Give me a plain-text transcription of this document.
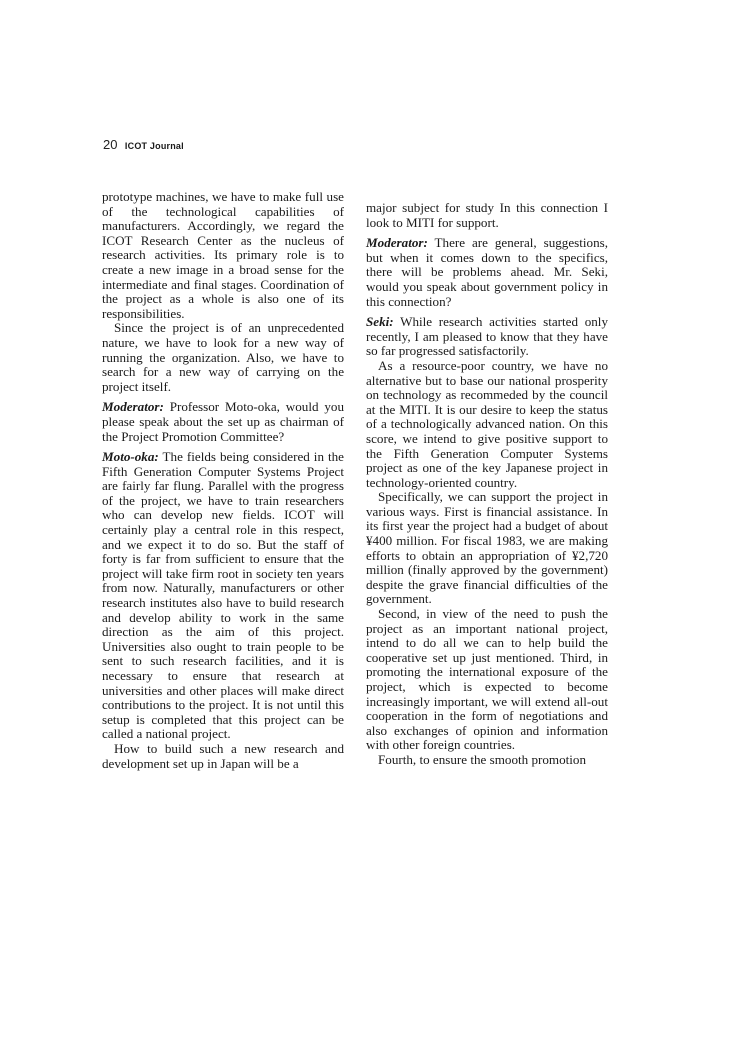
20 ICOT Journal

prototype machines, we have to make full use of the technological capabilities of manufacturers. Accordingly, we regard the ICOT Research Center as the nucleus of research activities. Its primary role is to create a new image in a broad sense for the intermediate and final stages. Coordination of the project as a whole is also one of its responsibilities.

Since the project is of an unprecedented nature, we have to look for a new way of running the organization. Also, we have to search for a new way of carrying on the project itself.

Moderator: Professor Moto-oka, would you please speak about the set up as chairman of the Project Promotion Committee?

Moto-oka: The fields being considered in the Fifth Generation Computer Systems Project are fairly far flung. Parallel with the progress of the project, we have to train researchers who can develop new fields. ICOT will certainly play a central role in this respect, and we expect it to do so. But the staff of forty is far from sufficient to ensure that the project will take firm root in society ten years from now. Naturally, manufacturers or other research institutes also have to build research and develop ability to work in the same direction as the aim of this project. Universities also ought to train people to be sent to such research facilities, and it is necessary to ensure that research at universities and other places will make direct contributions to the project. It is not until this setup is completed that this project can be called a national project.

How to build such a new research and development set up in Japan will be a

major subject for study In this connection I look to MITI for support.

Moderator: There are general, suggestions, but when it comes down to the specifics, there will be problems ahead. Mr. Seki, would you speak about government policy in this connection?

Seki: While research activities started only recently, I am pleased to know that they have so far progressed satisfactorily.

As a resource-poor country, we have no alternative but to base our national prosperity on technology as recommeded by the council at the MITI. It is our desire to keep the status of a technologically advanced nation. On this score, we intend to give positive support to the Fifth Generation Computer Systems project as one of the key Japanese project in technology-oriented country.

Specifically, we can support the project in various ways. First is financial assistance. In its first year the project had a budget of about ¥400 million. For fiscal 1983, we are making efforts to obtain an appropriation of ¥2,720 million (finally approved by the government) despite the grave financial difficulties of the government.

Second, in view of the need to push the project as an important national project, intend to do all we can to help build the cooperative set up just mentioned. Third, in promoting the international exposure of the project, which is expected to become increasingly important, we will extend all-out cooperation in the form of negotiations and also exchanges of opinion and information with other foreign countries.

Fourth, to ensure the smooth promotion
